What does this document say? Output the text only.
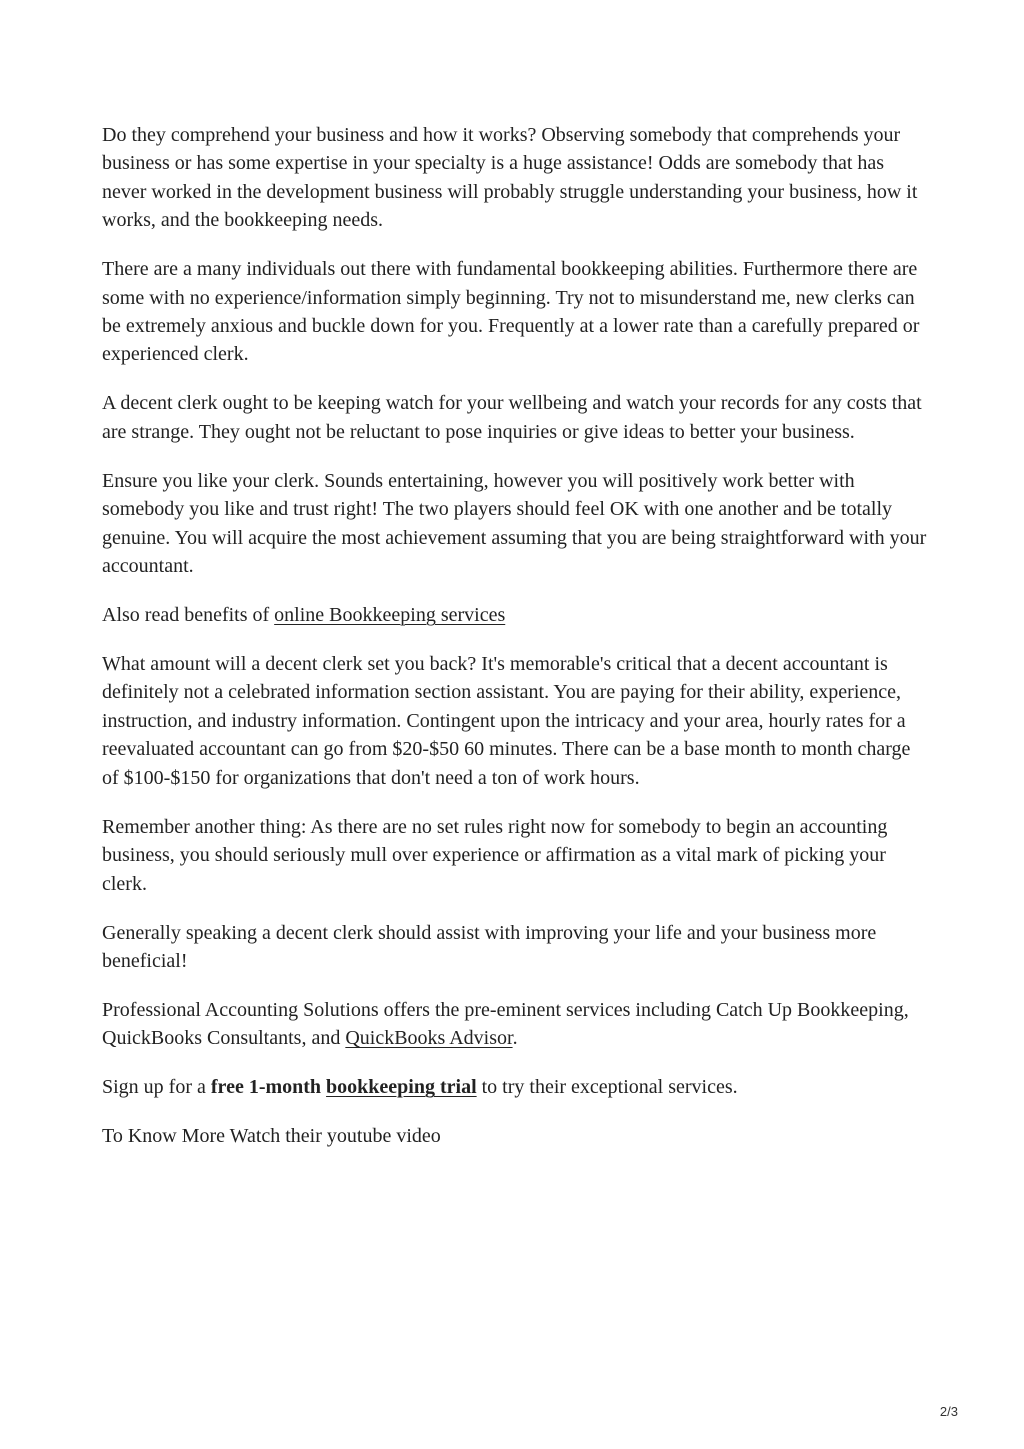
Do they comprehend your business and how it works? Observing somebody that comprehends your business or has some expertise in your specialty is a huge assistance! Odds are somebody that has never worked in the development business will probably struggle understanding your business, how it works, and the bookkeeping needs.

There are a many individuals out there with fundamental bookkeeping abilities. Furthermore there are some with no experience/information simply beginning. Try not to misunderstand me, new clerks can be extremely anxious and buckle down for you. Frequently at a lower rate than a carefully prepared or experienced clerk.

A decent clerk ought to be keeping watch for your wellbeing and watch your records for any costs that are strange. They ought not be reluctant to pose inquiries or give ideas to better your business.

Ensure you like your clerk. Sounds entertaining, however you will positively work better with somebody you like and trust right! The two players should feel OK with one another and be totally genuine. You will acquire the most achievement assuming that you are being straightforward with your accountant.

Also read benefits of online Bookkeeping services

What amount will a decent clerk set you back? It's memorable's critical that a decent accountant is definitely not a celebrated information section assistant. You are paying for their ability, experience, instruction, and industry information. Contingent upon the intricacy and your area, hourly rates for a reevaluated accountant can go from $20-$50 60 minutes. There can be a base month to month charge of $100-$150 for organizations that don't need a ton of work hours.

Remember another thing: As there are no set rules right now for somebody to begin an accounting business, you should seriously mull over experience or affirmation as a vital mark of picking your clerk.

Generally speaking a decent clerk should assist with improving your life and your business more beneficial!

Professional Accounting Solutions offers the pre-eminent services including Catch Up Bookkeeping, QuickBooks Consultants, and QuickBooks Advisor.

Sign up for a free 1-month bookkeeping trial to try their exceptional services.

To Know More Watch their youtube video

2/3
